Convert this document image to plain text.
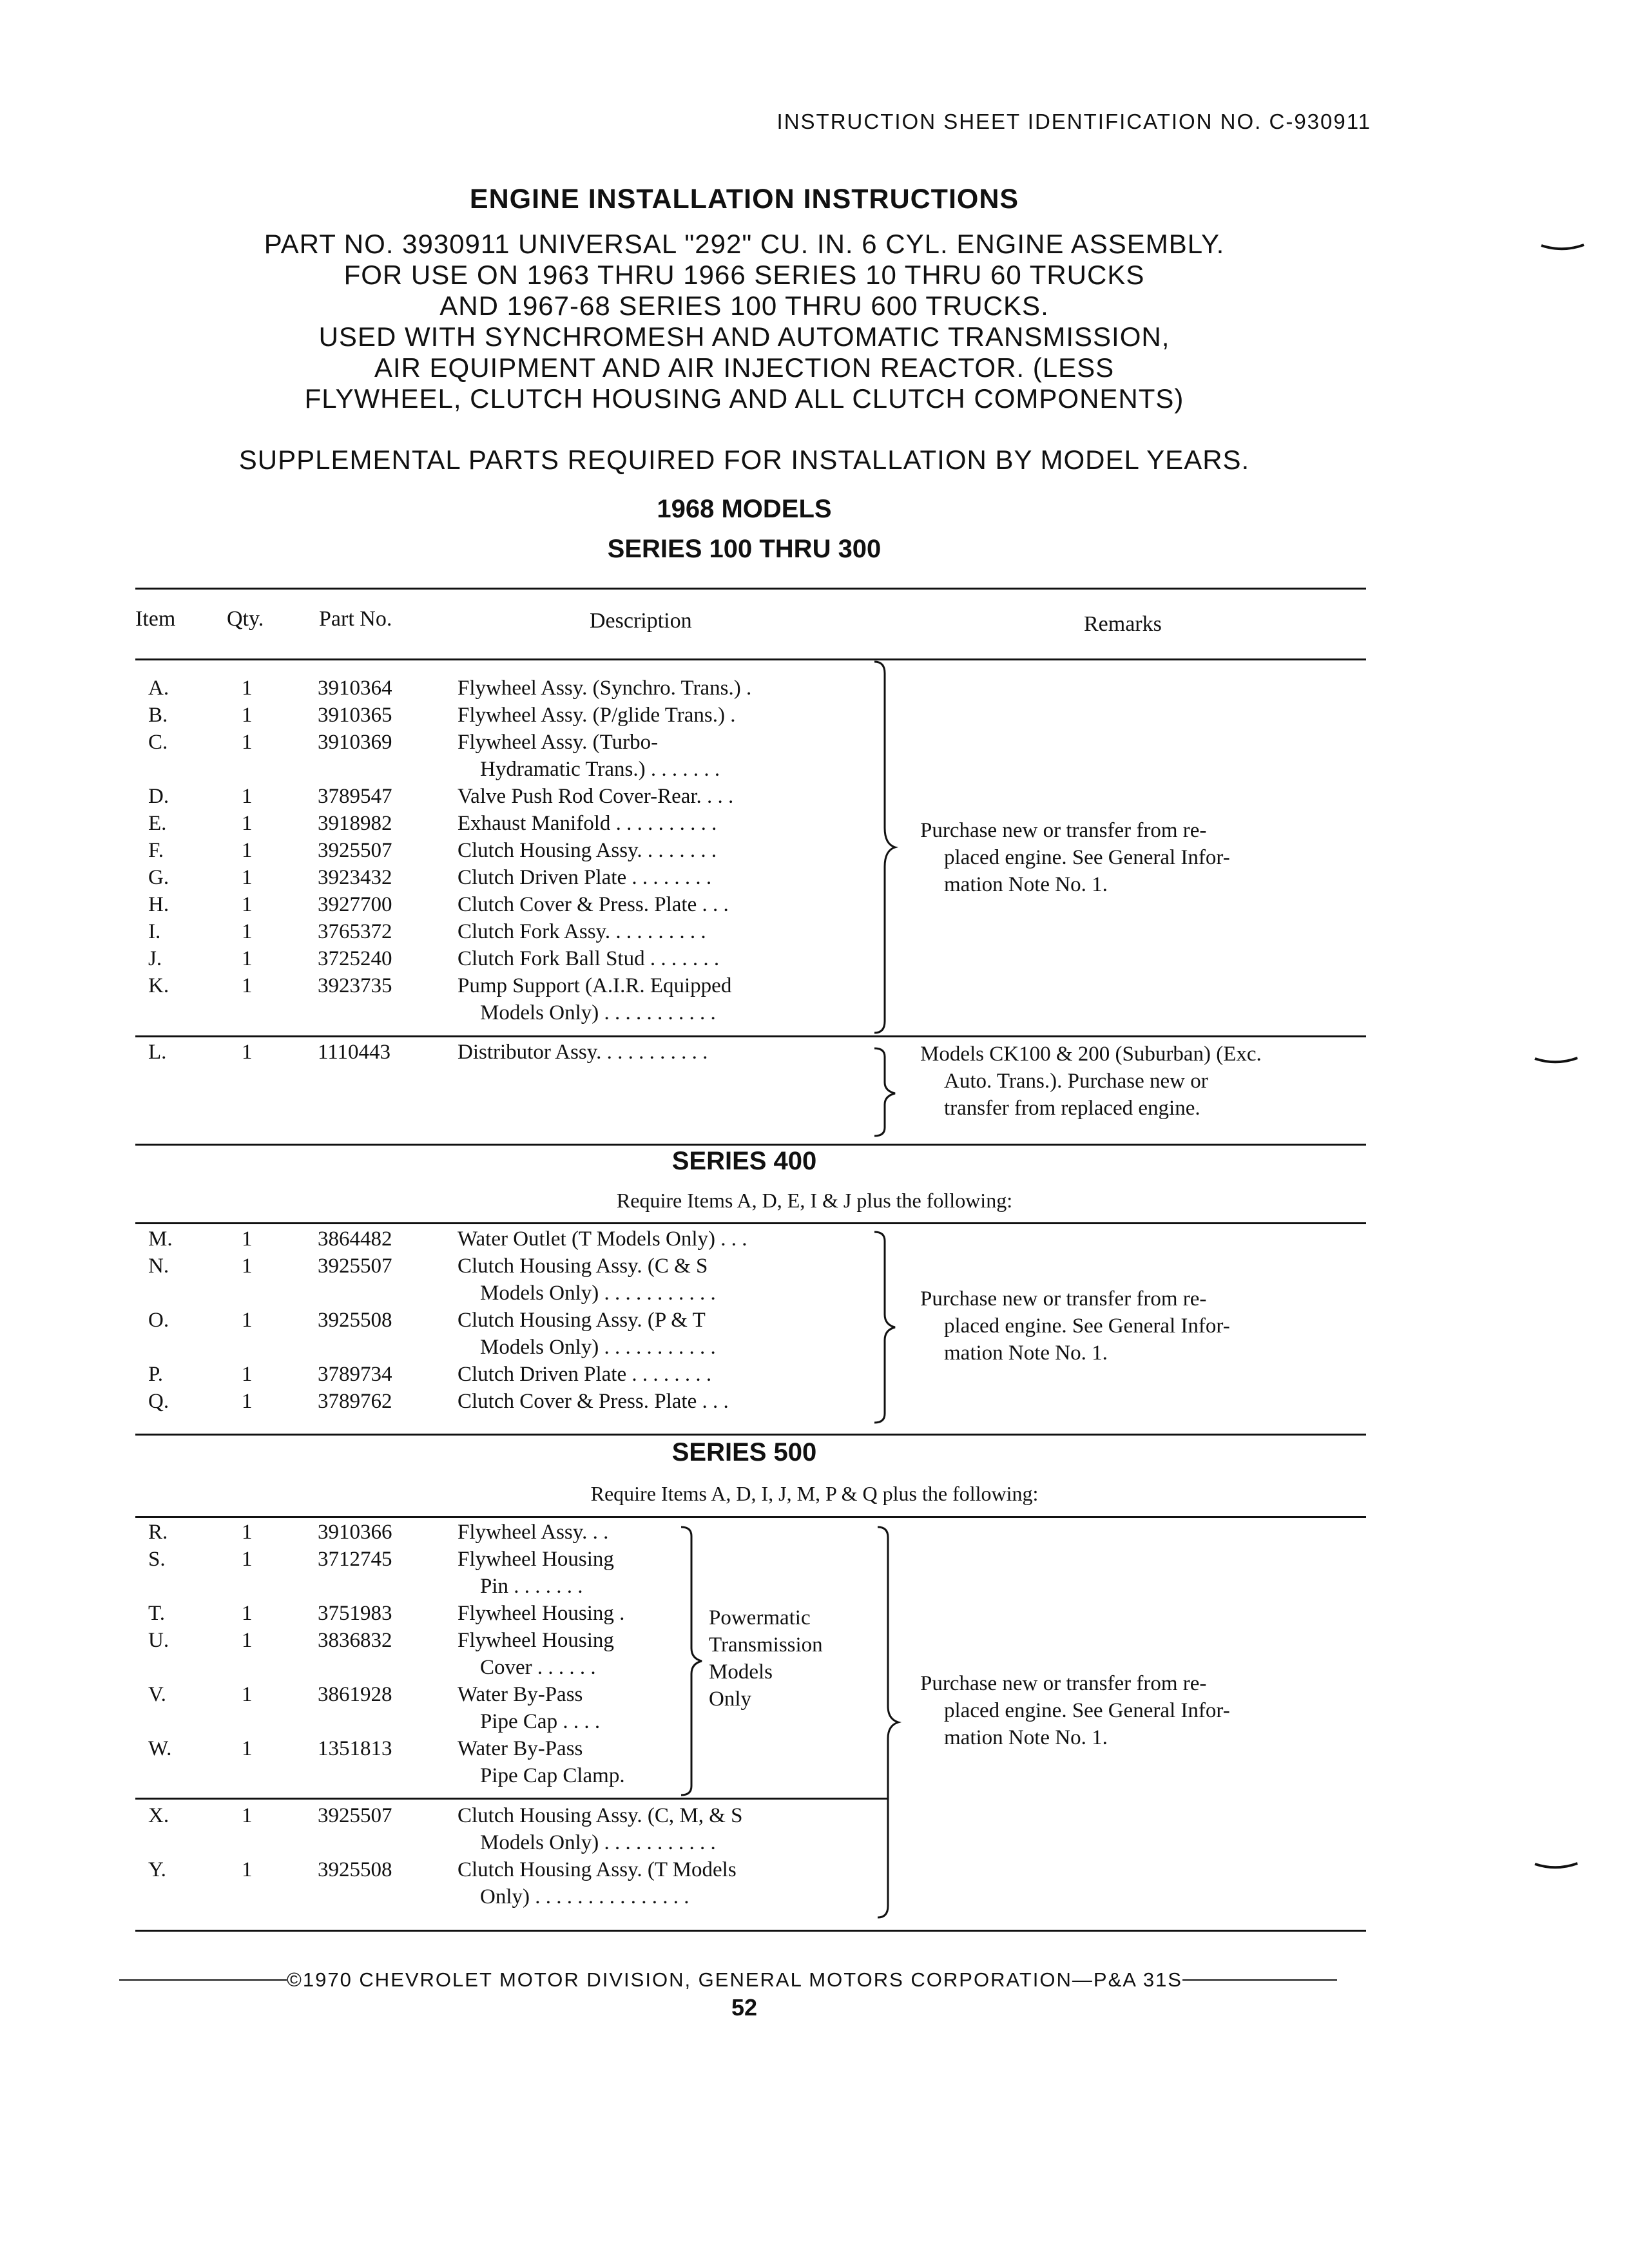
INSTRUCTION SHEET IDENTIFICATION NO. C-930911
ENGINE INSTALLATION INSTRUCTIONS
PART NO. 3930911 UNIVERSAL "292" CU. IN. 6 CYL. ENGINE ASSEMBLY.
FOR USE ON 1963 THRU 1966 SERIES 10 THRU 60 TRUCKS
AND 1967-68 SERIES 100 THRU 600 TRUCKS.
USED WITH SYNCHROMESH AND AUTOMATIC TRANSMISSION,
AIR EQUIPMENT AND AIR INJECTION REACTOR. (LESS
FLYWHEEL, CLUTCH HOUSING AND ALL CLUTCH COMPONENTS)
SUPPLEMENTAL PARTS REQUIRED FOR INSTALLATION BY MODEL YEARS.
1968 MODELS
SERIES 100 THRU 300
Item Qty.	Part No.	Description	Remarks
A.	1	3910364	Flywheel Assy. (Synchro. Trans.) .
B.	1	3910365	Flywheel Assy. (P/glide Trans.) .
C.	1	3910369	Flywheel Assy. (Turbo-
Hydramatic Trans.) . . . . . . .
D.	1	3789547	Valve Push Rod Cover-Rear. . . .
E.	1	3918982	Exhaust Manifold . . . . . . . . . .
F.	1	3925507	Clutch Housing Assy. . . . . . . .
G.	1	3923432	Clutch Driven Plate . . . . . . . .
H.	1	3927700	Clutch Cover & Press. Plate . . .
I.	1	3765372	Clutch Fork Assy. . . . . . . . . .
J.	1	3725240	Clutch Fork Ball Stud . . . . . . .
K.	1	3923735	Pump Support (A.I.R. Equipped
Models Only) . . . . . . . . . . .
Purchase new or transfer from re-
placed engine. See General Infor-
mation Note No. 1.
L.	1	1110443	Distributor Assy. . . . . . . . . . .	Models CK100 & 200 (Suburban) (Exc.
Auto. Trans.). Purchase new or
transfer from replaced engine.
SERIES 400
Require Items A, D, E, I & J plus the following:
M.	1	3864482	Water Outlet (T Models Only) . . .
N.	1	3925507	Clutch Housing Assy. (C & S
Models Only) . . . . . . . . . . .
O.	1	3925508	Clutch Housing Assy. (P & T
Models Only) . . . . . . . . . . .
P.	1	3789734	Clutch Driven Plate . . . . . . . .
Q.	1	3789762	Clutch Cover & Press. Plate . . .
Purchase new or transfer from re-
placed engine. See General Infor-
mation Note No. 1.
SERIES 500
Require Items A, D, I, J, M, P & Q plus the following:
R.	1	3910366	Flywheel Assy. . .
S.	1	3712745	Flywheel Housing
Pin . . . . . . .
T.	1	3751983	Flywheel Housing .
U.	1	3836832	Flywheel Housing
Cover . . . . . .
V.	1	3861928	Water By-Pass
Pipe Cap . . . .
W.	1	1351813	Water By-Pass
Pipe Cap Clamp.
Powermatic
Transmission
Models
Only
X.	1	3925507	Clutch Housing Assy. (C, M, & S
Models Only) . . . . . . . . . . .
Y.	1	3925508	Clutch Housing Assy. (T Models
Only) . . . . . . . . . . . . . . .
Purchase new or transfer from re-
placed engine. See General Infor-
mation Note No. 1.
©1970 CHEVROLET MOTOR DIVISION, GENERAL MOTORS CORPORATION—P&A 31S
52
